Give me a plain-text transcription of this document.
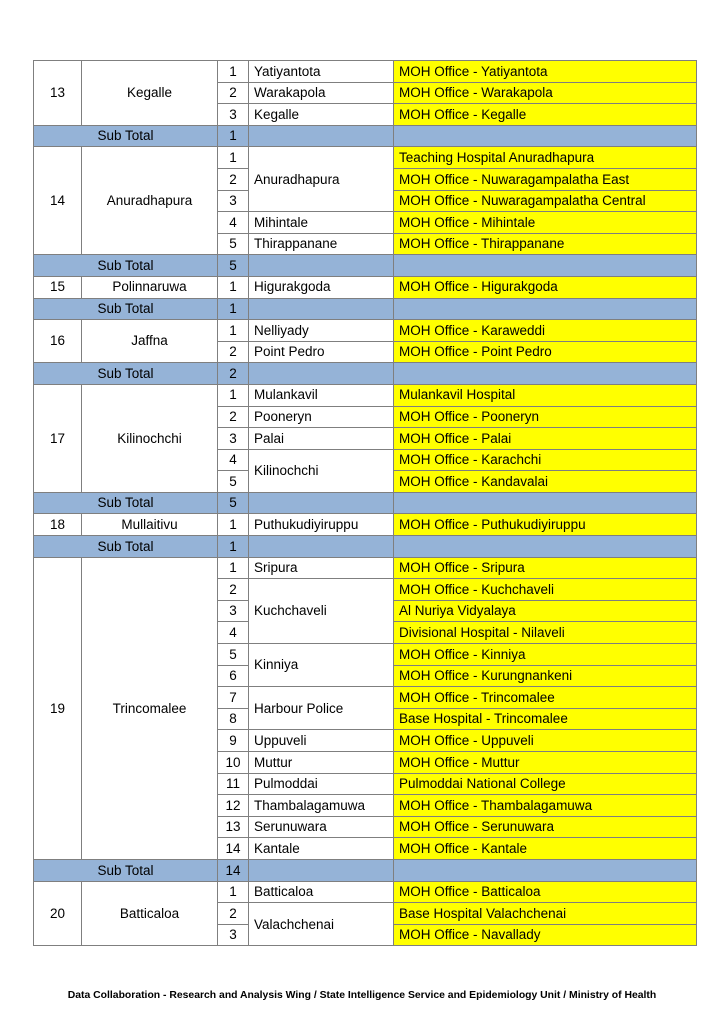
13	Kegalle	1	Yatiyantota	MOH Office - Yatiyantota
		2	Warakapola	MOH Office - Warakapola
		3	Kegalle	MOH Office - Kegalle
Sub Total		1		
14	Anuradhapura	1	Anuradhapura	Teaching Hospital Anuradhapura
		2		MOH Office - Nuwaragampalatha East
		3		MOH Office - Nuwaragampalatha Central
		4	Mihintale	MOH Office - Mihintale
		5	Thirappanane	MOH Office - Thirappanane
Sub Total		5		
15	Polinnaruwa	1	Higurakgoda	MOH Office - Higurakgoda
Sub Total		1		
16	Jaffna	1	Nelliyady	MOH Office - Karaweddi
		2	Point Pedro	MOH Office - Point Pedro
Sub Total		2		
17	Kilinochchi	1	Mulankavil	Mulankavil Hospital
		2	Pooneryn	MOH Office - Pooneryn
		3	Palai	MOH Office - Palai
		4	Kilinochchi	MOH Office - Karachchi
		5		MOH Office - Kandavalai
Sub Total		5		
18	Mullaitivu	1	Puthukudiyiruppu	MOH Office - Puthukudiyiruppu
Sub Total		1		
19	Trincomalee	1	Sripura	MOH Office - Sripura
		2	Kuchchaveli	MOH Office - Kuchchaveli
		3		Al Nuriya Vidyalaya
		4		Divisional Hospital - Nilaveli
		5	Kinniya	MOH Office - Kinniya
		6		MOH Office - Kurungnankeni
		7	Harbour Police	MOH Office - Trincomalee
		8		Base Hospital - Trincomalee
		9	Uppuveli	MOH Office - Uppuveli
		10	Muttur	MOH Office - Muttur
		11	Pulmoddai	Pulmoddai National College
		12	Thambalagamuwa	MOH Office - Thambalagamuwa
		13	Serunuwara	MOH Office - Serunuwara
		14	Kantale	MOH Office - Kantale
Sub Total		14		
20	Batticaloa	1	Batticaloa	MOH Office - Batticaloa
		2	Valachchenai	Base Hospital Valachchenai
		3		MOH Office - Navallady
Data Collaboration - Research and Analysis Wing / State Intelligence Service and Epidemiology Unit / Ministry of Health
